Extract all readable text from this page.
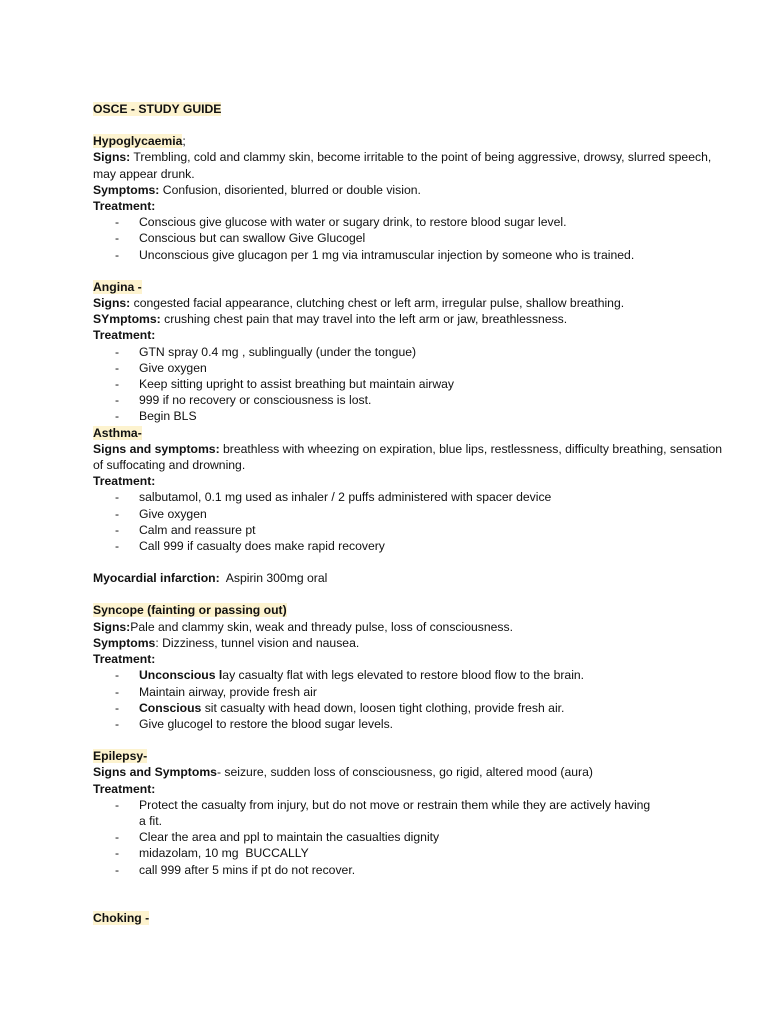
OSCE - STUDY GUIDE
Hypoglycaemia;
Signs: Trembling, cold and clammy skin, become irritable to the point of being aggressive, drowsy, slurred speech, may appear drunk.
Symptoms: Confusion, disoriented, blurred or double vision.
Treatment:
- Conscious give glucose with water or sugary drink, to restore blood sugar level.
- Conscious but can swallow Give Glucogel
- Unconscious give glucagon per 1 mg via intramuscular injection by someone who is trained.
Angina -
Signs: congested facial appearance, clutching chest or left arm, irregular pulse, shallow breathing.
SYmptoms: crushing chest pain that may travel into the left arm or jaw, breathlessness.
Treatment:
- GTN spray 0.4 mg , sublingually (under the tongue)
- Give oxygen
- Keep sitting upright to assist breathing but maintain airway
- 999 if no recovery or consciousness is lost.
- Begin BLS
Asthma-
Signs and symptoms: breathless with wheezing on expiration, blue lips, restlessness, difficulty breathing, sensation of suffocating and drowning.
Treatment:
- salbutamol, 0.1 mg used as inhaler / 2 puffs administered with spacer device
- Give oxygen
- Calm and reassure pt
- Call 999 if casualty does make rapid recovery
Myocardial infarction:  Aspirin 300mg oral
Syncope (fainting or passing out)
Signs:Pale and clammy skin, weak and thready pulse, loss of consciousness.
Symptoms: Dizziness, tunnel vision and nausea.
Treatment:
- Unconscious lay casualty flat with legs elevated to restore blood flow to the brain.
- Maintain airway, provide fresh air
- Conscious sit casualty with head down, loosen tight clothing, provide fresh air.
- Give glucogel to restore the blood sugar levels.
Epilepsy-
Signs and Symptoms- seizure, sudden loss of consciousness, go rigid, altered mood (aura)
Treatment:
- Protect the casualty from injury, but do not move or restrain them while they are actively having a fit.
- Clear the area and ppl to maintain the casualties dignity
- midazolam, 10 mg  BUCCALLY
- call 999 after 5 mins if pt do not recover.
Choking -
